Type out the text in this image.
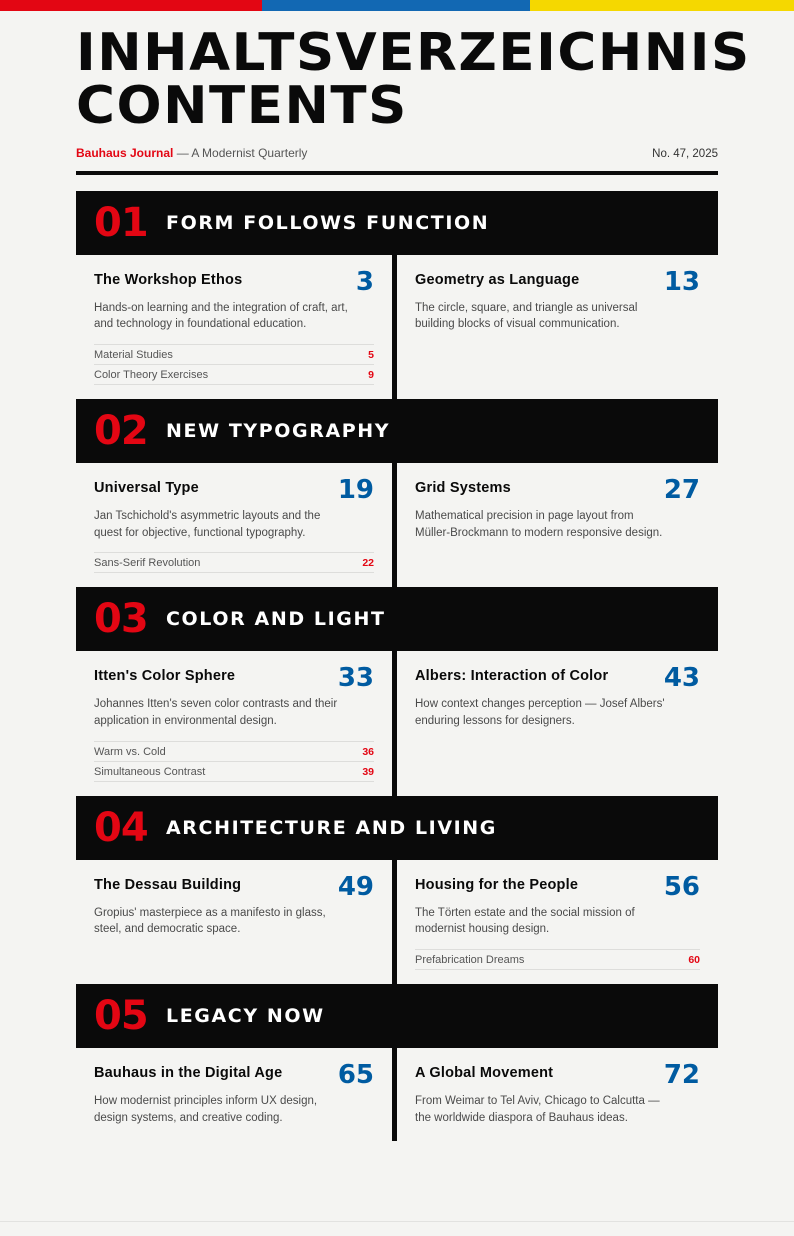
INHALTSVERZEICHNIS
CONTENTS
Bauhaus Journal — A Modernist Quarterly	No. 47, 2025
01 FORM FOLLOWS FUNCTION
The Workshop Ethos	3
Hands-on learning and the integration of craft, art, and technology in foundational education.
Material Studies	5
Color Theory Exercises	9
Geometry as Language	13
The circle, square, and triangle as universal building blocks of visual communication.
02 NEW TYPOGRAPHY
Universal Type	19
Jan Tschichold's asymmetric layouts and the quest for objective, functional typography.
Sans-Serif Revolution	22
Grid Systems	27
Mathematical precision in page layout from Müller-Brockmann to modern responsive design.
03 COLOR AND LIGHT
Itten's Color Sphere	33
Johannes Itten's seven color contrasts and their application in environmental design.
Warm vs. Cold	36
Simultaneous Contrast	39
Albers: Interaction of Color 43
How context changes perception — Josef Albers' enduring lessons for designers.
04 ARCHITECTURE AND LIVING
The Dessau Building	49
Gropius' masterpiece as a manifesto in glass, steel, and democratic space.
Housing for the People	56
The Törten estate and the social mission of modernist housing design.
Prefabrication Dreams	60
05 LEGACY NOW
Bauhaus in the Digital Age 65
How modernist principles inform UX design, design systems, and creative coding.
A Global Movement	72
From Weimar to Tel Aviv, Chicago to Calcutta — the worldwide diaspora of Bauhaus ideas.
